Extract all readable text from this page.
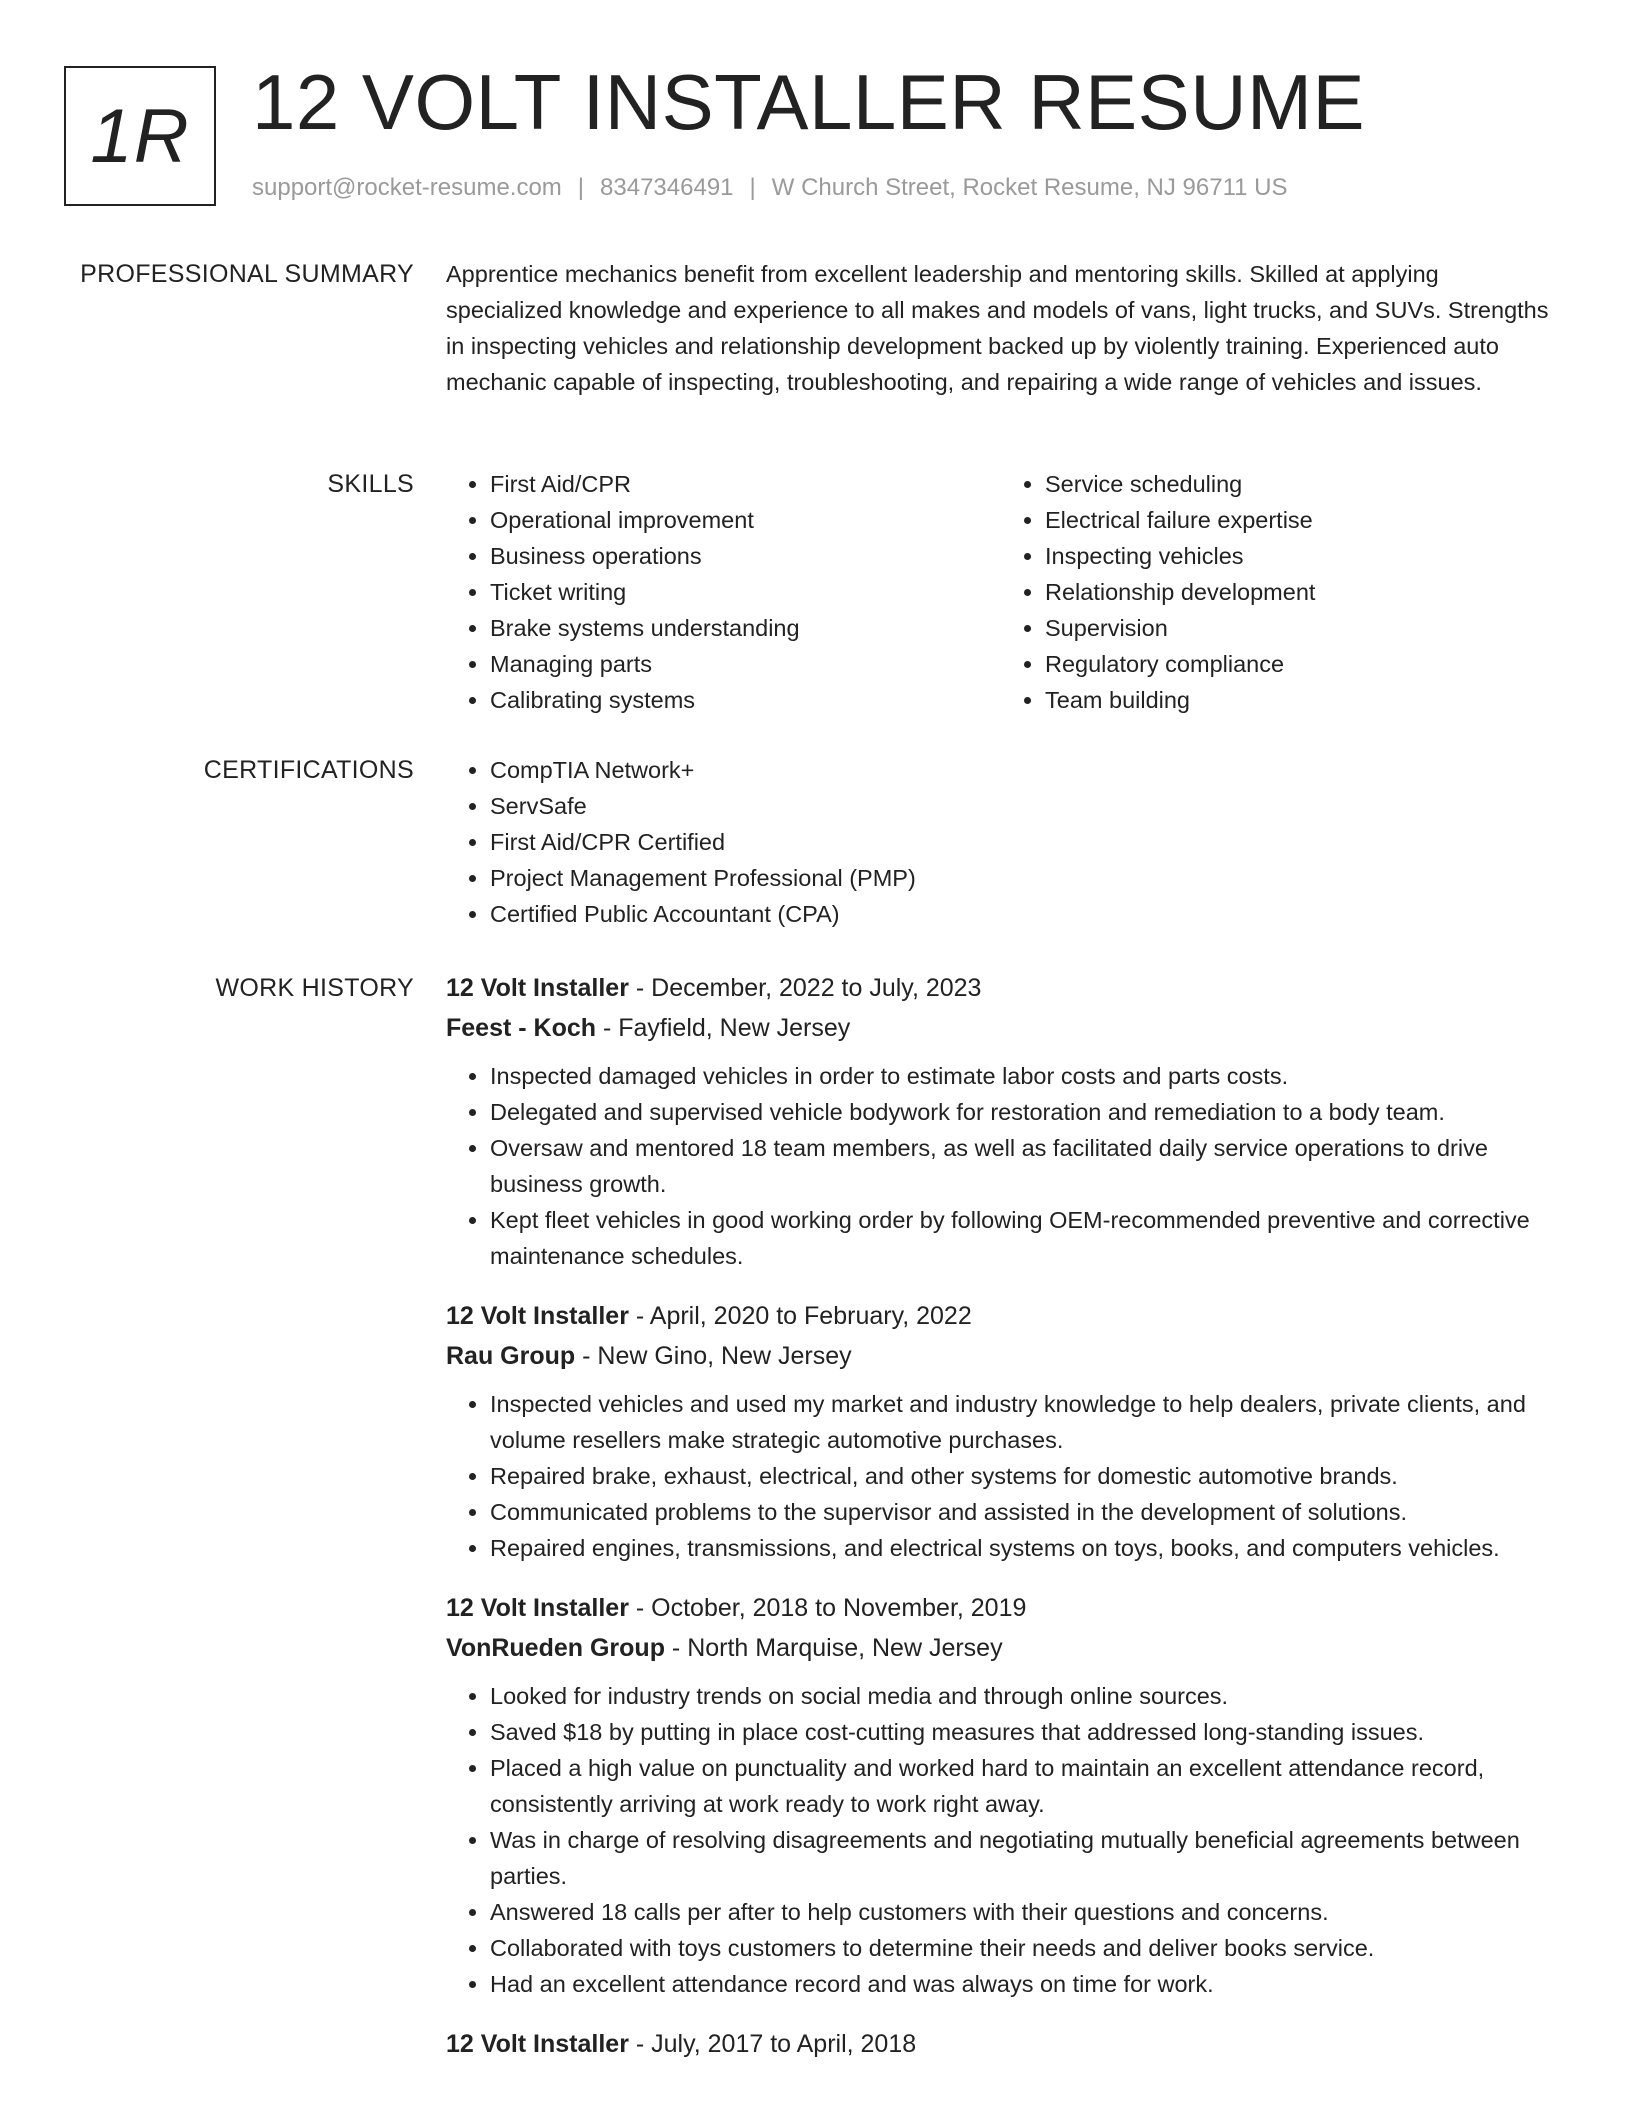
1R 12 VOLT INSTALLER RESUME
support@rocket-resume.com | 8347346491 | W Church Street, Rocket Resume, NJ 96711 US
PROFESSIONAL SUMMARY Apprentice mechanics benefit from excellent leadership and mentoring skills. Skilled at applying specialized knowledge and experience to all makes and models of vans, light trucks, and SUVs. Strengths in inspecting vehicles and relationship development backed up by violently training. Experienced auto mechanic capable of inspecting, troubleshooting, and repairing a wide range of vehicles and issues.
SKILLS	• First Aid/CPR
• Operational improvement
• Business operations
• Ticket writing
• Brake systems understanding
• Managing parts
• Calibrating systems
• Service scheduling
• Electrical failure expertise
• Inspecting vehicles
• Relationship development
• Supervision
• Regulatory compliance
• Team building
CERTIFICATIONS	• CompTIA Network+
• ServSafe
• First Aid/CPR Certified
• Project Management Professional (PMP)
• Certified Public Accountant (CPA)
WORK HISTORY 12 Volt Installer - December, 2022 to July, 2023
Feest - Koch - Fayfield, New Jersey
• Inspected damaged vehicles in order to estimate labor costs and parts costs.
• Delegated and supervised vehicle bodywork for restoration and remediation to a body team.
• Oversaw and mentored 18 team members, as well as facilitated daily service operations to drive business growth.
• Kept fleet vehicles in good working order by following OEM-recommended preventive and corrective maintenance schedules.
12 Volt Installer - April, 2020 to February, 2022
Rau Group - New Gino, New Jersey
• Inspected vehicles and used my market and industry knowledge to help dealers, private clients, and volume resellers make strategic automotive purchases.
• Repaired brake, exhaust, electrical, and other systems for domestic automotive brands.
• Communicated problems to the supervisor and assisted in the development of solutions.
• Repaired engines, transmissions, and electrical systems on toys, books, and computers vehicles.
12 Volt Installer - October, 2018 to November, 2019
VonRueden Group - North Marquise, New Jersey
• Looked for industry trends on social media and through online sources.
• Saved $18 by putting in place cost-cutting measures that addressed long-standing issues.
• Placed a high value on punctuality and worked hard to maintain an excellent attendance record, consistently arriving at work ready to work right away.
• Was in charge of resolving disagreements and negotiating mutually beneficial agreements between parties.
• Answered 18 calls per after to help customers with their questions and concerns.
• Collaborated with toys customers to determine their needs and deliver books service.
• Had an excellent attendance record and was always on time for work.
12 Volt Installer - July, 2017 to April, 2018
